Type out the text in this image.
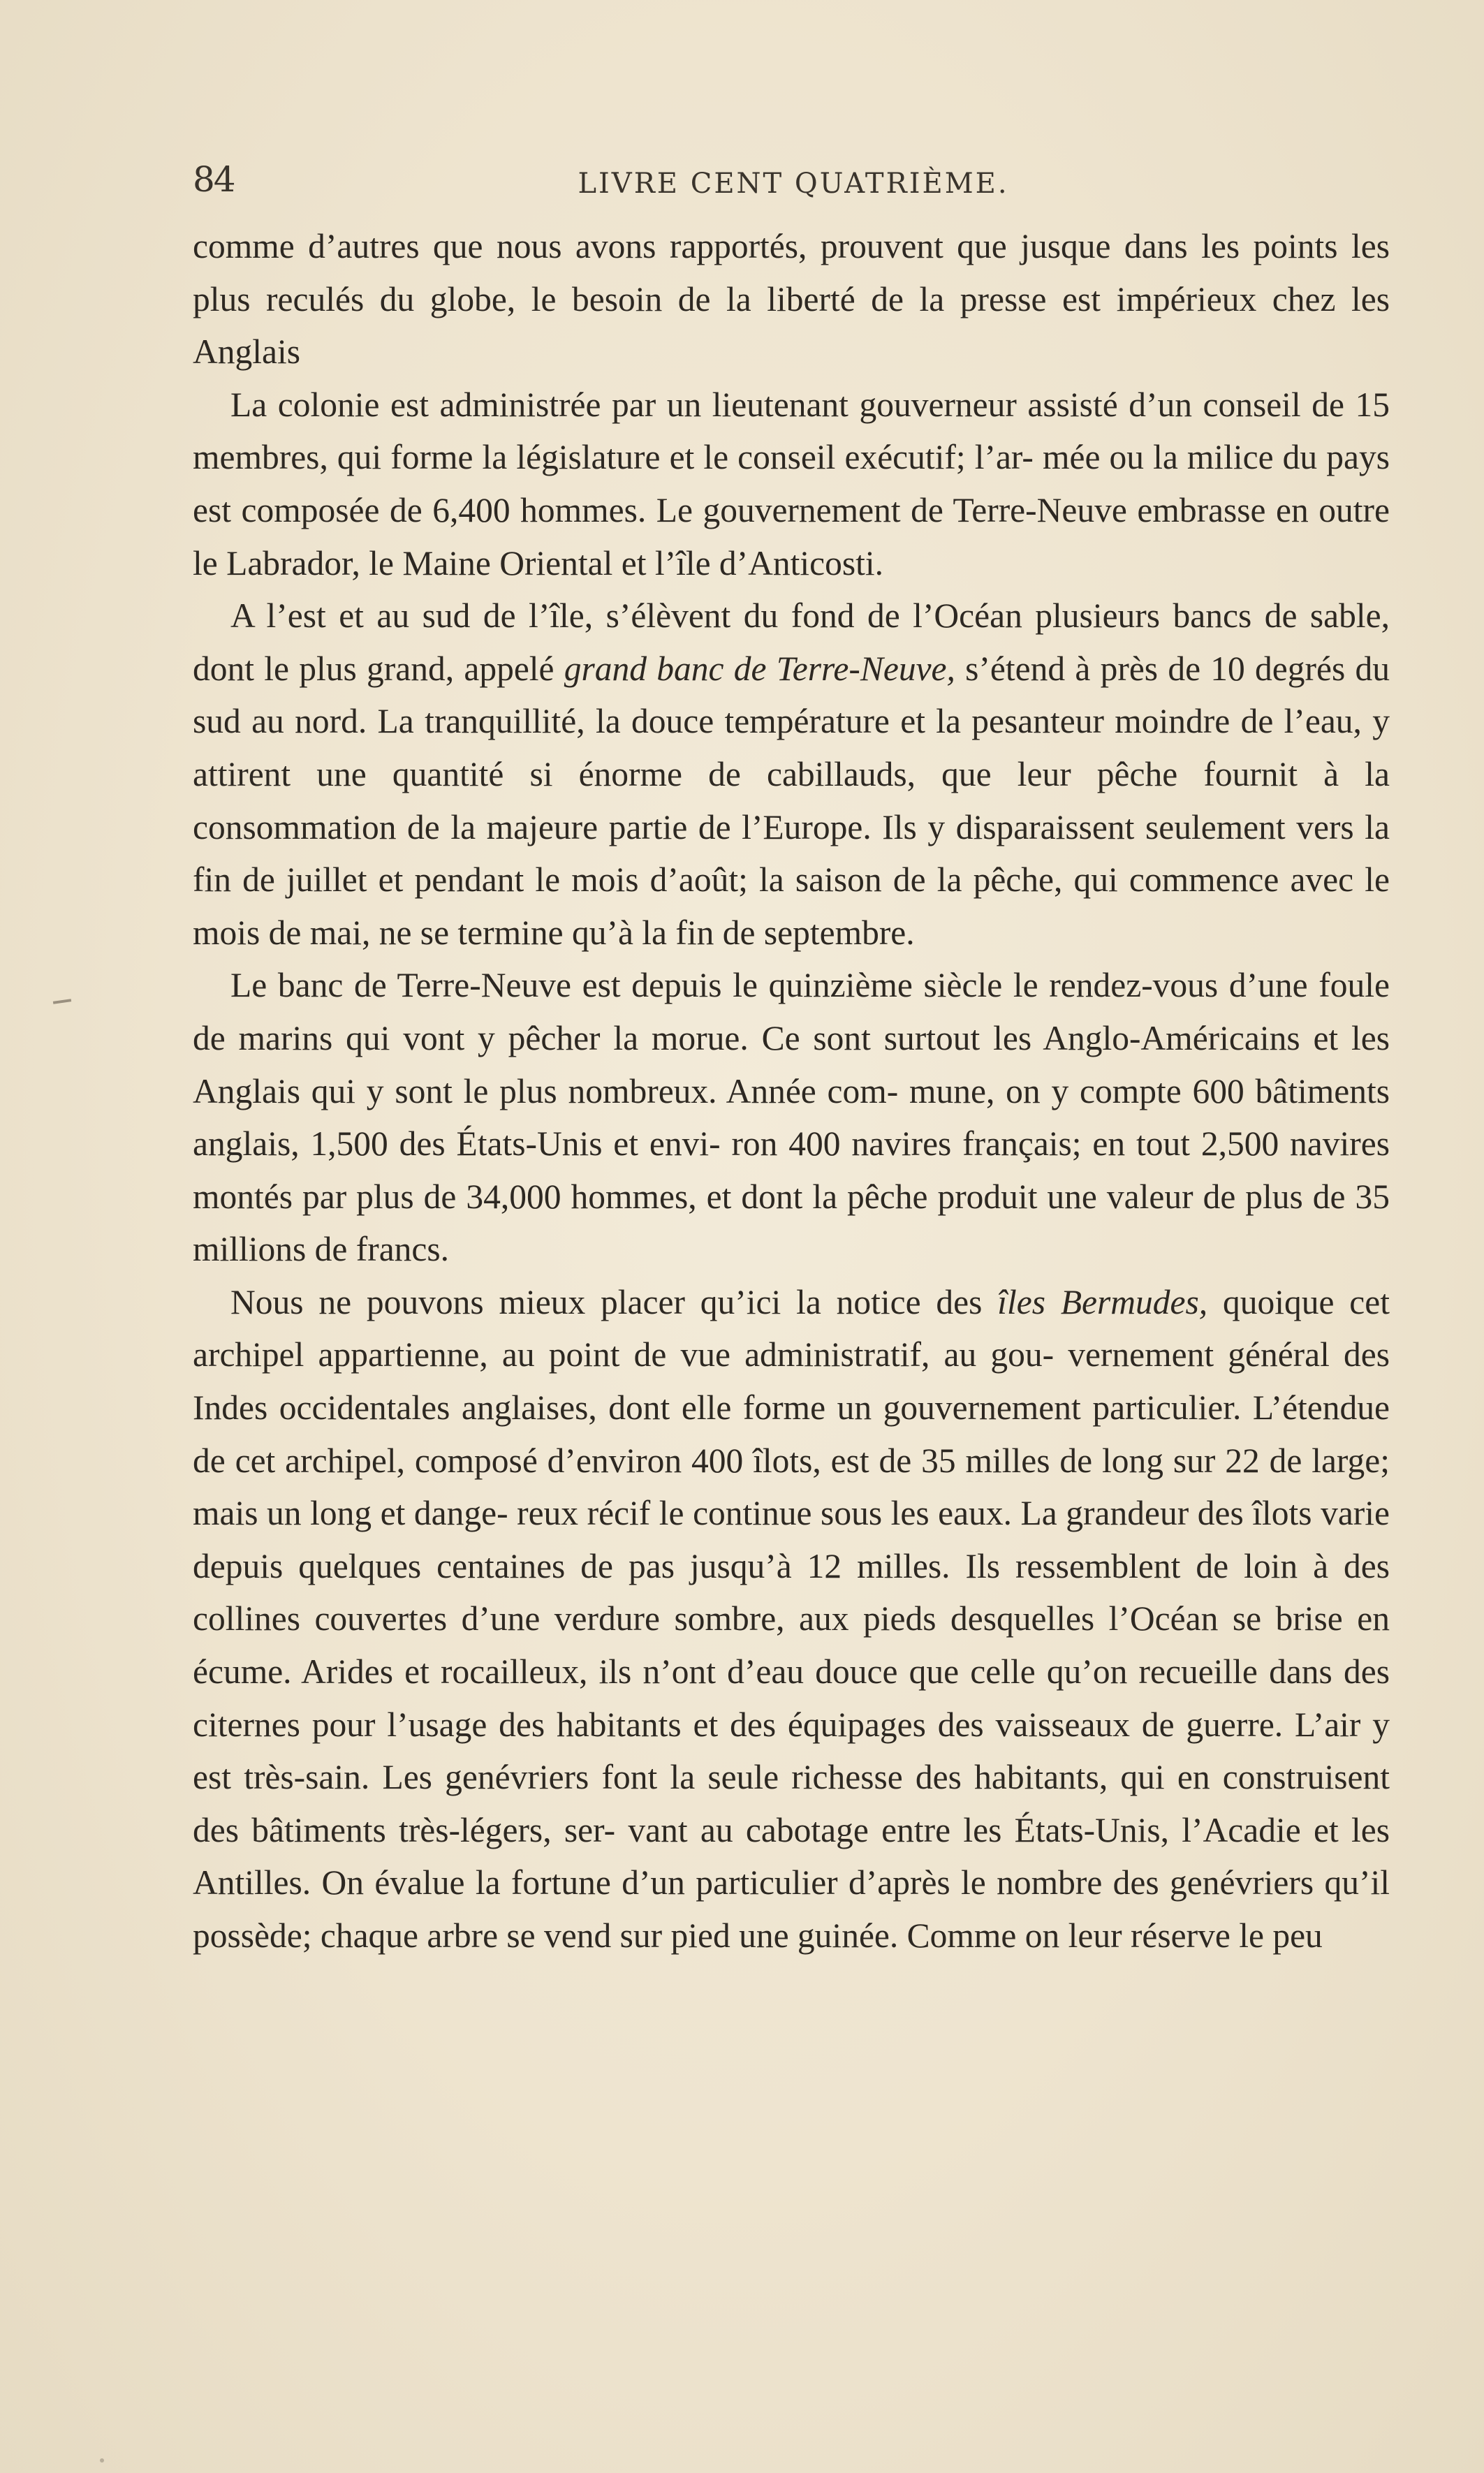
84	LIVRE CENT QUATRIÈME.

comme d’autres que nous avons rapportés, prouvent que jusque dans les points les plus reculés du globe, le besoin de la liberté de la presse est impérieux chez les Anglais

La colonie est administrée par un lieutenant gouverneur assisté d’un conseil de 15 membres, qui forme la législature et le conseil exécutif; l’ar- mée ou la milice du pays est composée de 6,400 hommes. Le gouvernement de Terre-Neuve embrasse en outre le Labrador, le Maine Oriental et l’île d’Anticosti.

A l’est et au sud de l’île, s’élèvent du fond de l’Océan plusieurs bancs de sable, dont le plus grand, appelé grand banc de Terre-Neuve, s’étend à près de 10 degrés du sud au nord. La tranquillité, la douce température et la pesanteur moindre de l’eau, y attirent une quantité si énorme de cabillauds, que leur pêche fournit à la consommation de la majeure partie de l’Europe. Ils y disparaissent seulement vers la fin de juillet et pendant le mois d’août; la saison de la pêche, qui commence avec le mois de mai, ne se termine qu’à la fin de septembre.

Le banc de Terre-Neuve est depuis le quinzième siècle le rendez-vous d’une foule de marins qui vont y pêcher la morue. Ce sont surtout les Anglo-Américains et les Anglais qui y sont le plus nombreux. Année com- mune, on y compte 600 bâtiments anglais, 1,500 des États-Unis et envi- ron 400 navires français; en tout 2,500 navires montés par plus de 34,000 hommes, et dont la pêche produit une valeur de plus de 35 millions de francs.

Nous ne pouvons mieux placer qu’ici la notice des îles Bermudes, quoique cet archipel appartienne, au point de vue administratif, au gou- vernement général des Indes occidentales anglaises, dont elle forme un gouvernement particulier. L’étendue de cet archipel, composé d’environ 400 îlots, est de 35 milles de long sur 22 de large; mais un long et dange- reux récif le continue sous les eaux. La grandeur des îlots varie depuis quelques centaines de pas jusqu’à 12 milles. Ils ressemblent de loin à des collines couvertes d’une verdure sombre, aux pieds desquelles l’Océan se brise en écume. Arides et rocailleux, ils n’ont d’eau douce que celle qu’on recueille dans des citernes pour l’usage des habitants et des équipages des vaisseaux de guerre. L’air y est très-sain. Les genévriers font la seule richesse des habitants, qui en construisent des bâtiments très-légers, ser- vant au cabotage entre les États-Unis, l’Acadie et les Antilles. On évalue la fortune d’un particulier d’après le nombre des genévriers qu’il possède; chaque arbre se vend sur pied une guinée. Comme on leur réserve le peu
